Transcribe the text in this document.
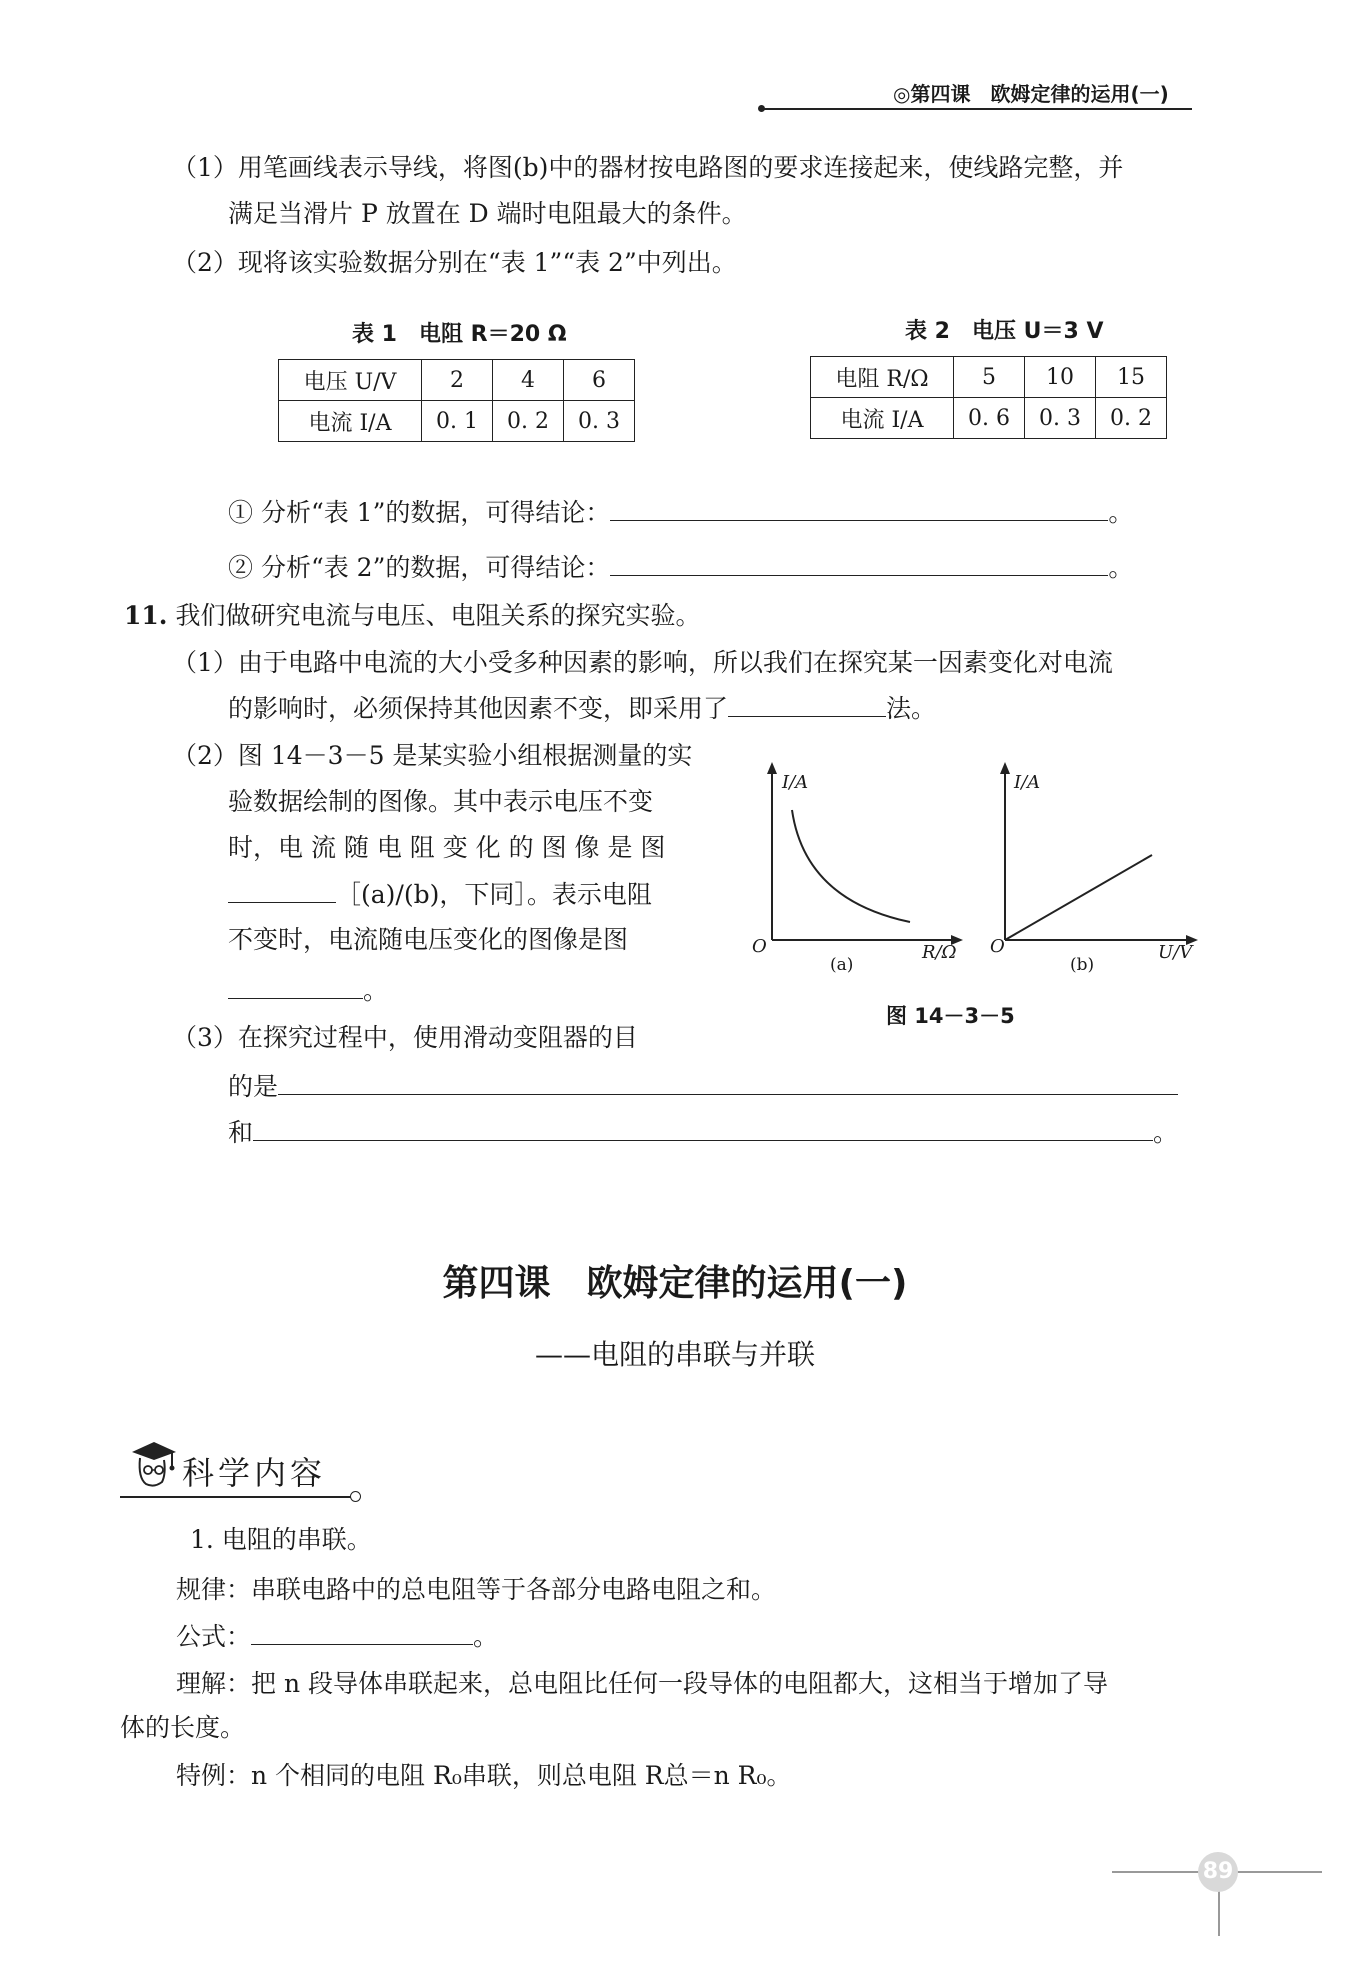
◎第四课　欧姆定律的运用(一)
（1）用笔画线表示导线，将图(b)中的器材按电路图的要求连接起来，使线路完整，并
满足当滑片 P 放置在 D 端时电阻最大的条件。
（2）现将该实验数据分别在“表 1”“表 2”中列出。
表 1　电阻 R＝20 Ω
电压 U/V	2	4	6
电流 I/A	0. 1	0. 2	0. 3
表 2　电压 U＝3 V
电阻 R/Ω	5	10	15
电流 I/A	0. 6	0. 3	0. 2
① 分析“表 1”的数据，可得结论：	。
② 分析“表 2”的数据，可得结论：	。
11. 我们做研究电流与电压、电阻关系的探究实验。
（1）由于电路中电流的大小受多种因素的影响，所以我们在探究某一因素变化对电流
的影响时，必须保持其他因素不变，即采用了	法。
（2）图 14－3－5 是某实验小组根据测量的实
验数据绘制的图像。其中表示电压不变
时，电 流 随 电 阻 变 化 的 图 像 是 图
［(a)/(b)，下同］。表示电阻
不变时，电流随电压变化的图像是图
。
I/A
O	R/Ω
(a)
I/A
O	U/V
(b)
图 14－3－5
（3）在探究过程中，使用滑动变阻器的目
的是
和	。
第四课　欧姆定律的运用(一)
——电阻的串联与并联
科学内容
1. 电阻的串联。
规律：串联电路中的总电阻等于各部分电路电阻之和。
公式：	。
理解：把 n 段导体串联起来，总电阻比任何一段导体的电阻都大，这相当于增加了导
体的长度。
特例：n 个相同的电阻 R₀串联，则总电阻 R总＝n R₀。
89
